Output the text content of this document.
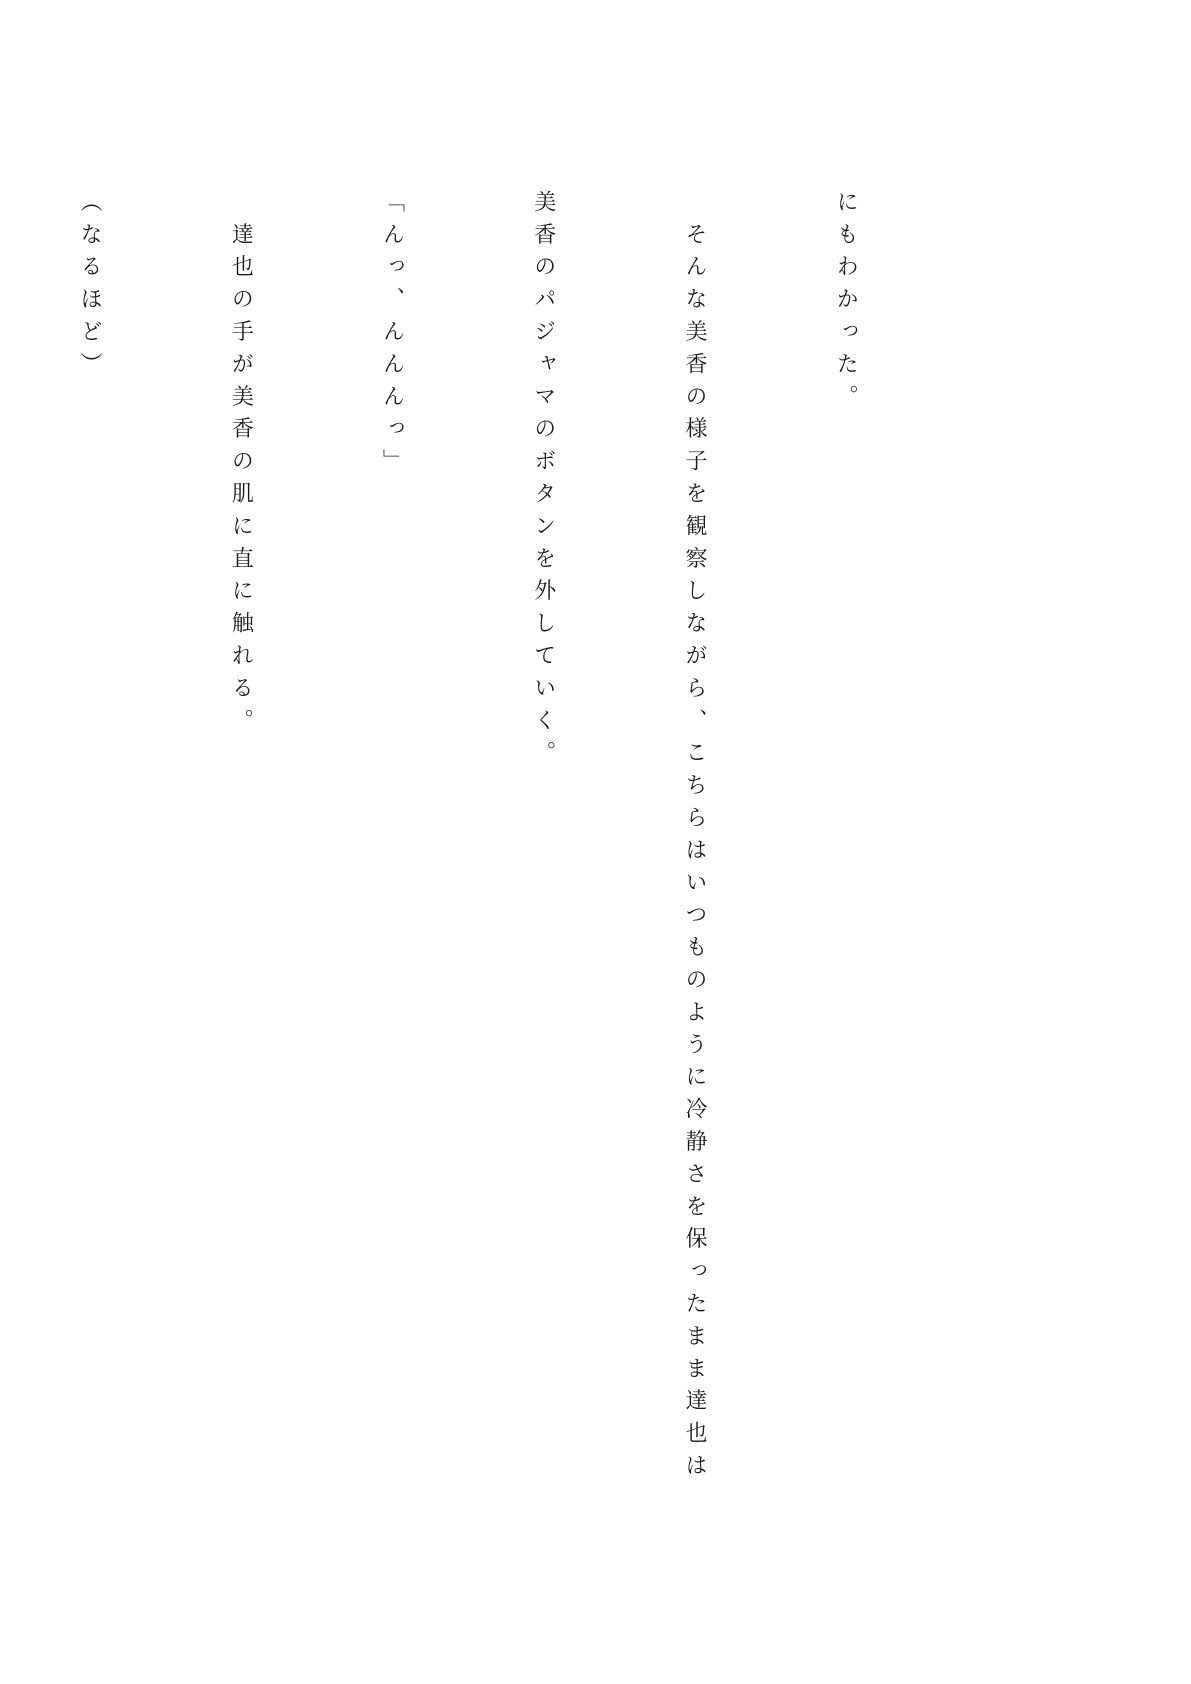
にもわかった。

　そんな美香の様子を観察しながら、こちらはいつものように冷静さを保ったまま達也は

美香のパジャマのボタンを外していく。

「んっ、んんんっ」

　達也の手が美香の肌に直に触れる。

（なるほど）
